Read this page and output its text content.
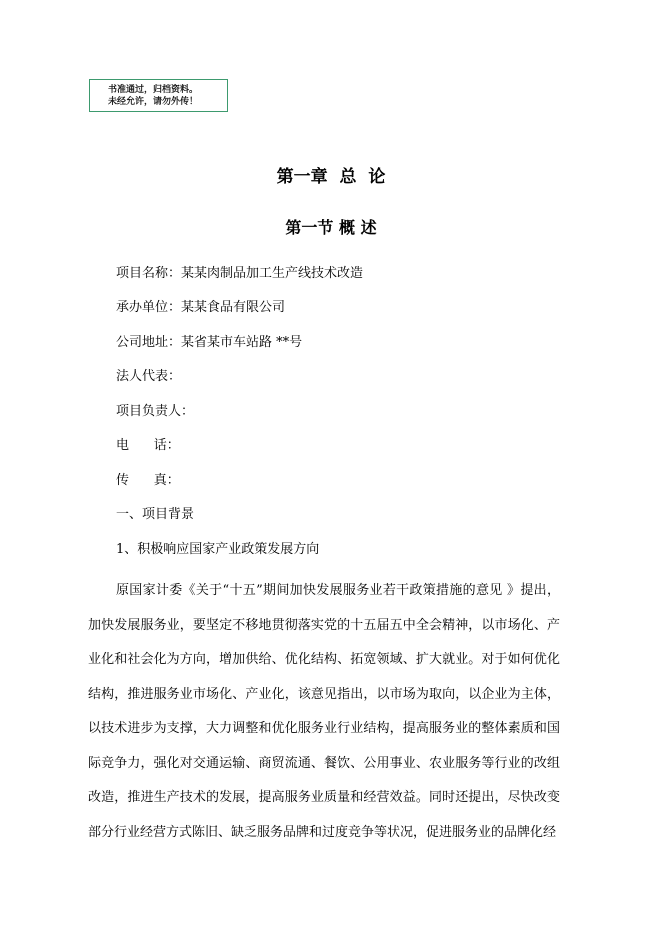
书准通过，归档资料。
未经允许，请勿外传！
第一章  总  论
第一节 概 述
项目名称：某某肉制品加工生产线技术改造
承办单位：某某食品有限公司
公司地址：某省某市车站路 **号
法人代表：
项目负责人：
电      话：
传      真：
一、项目背景
1、积极响应国家产业政策发展方向

原国家计委《关于“十五”期间加快发展服务业若干政策措施的意见 》提出，加快发展服务业，要坚定不移地贯彻落实党的十五届五中全会精神，以市场化、产业化和社会化为方向，增加供给、优化结构、拓宽领域、扩大就业。对于如何优化结构，推进服务业市场化、产业化，该意见指出，以市场为取向，以企业为主体，以技术进步为支撑，大力调整和优化服务业行业结构，提高服务业的整体素质和国际竞争力，强化对交通运输、商贸流通、餐饮、公用事业、农业服务等行业的改组改造，推进生产技术的发展，提高服务业质量和经营效益。同时还提出，尽快改变部分行业经营方式陈旧、缺乏服务品牌和过度竞争等状况，促进服务业的品牌化经
